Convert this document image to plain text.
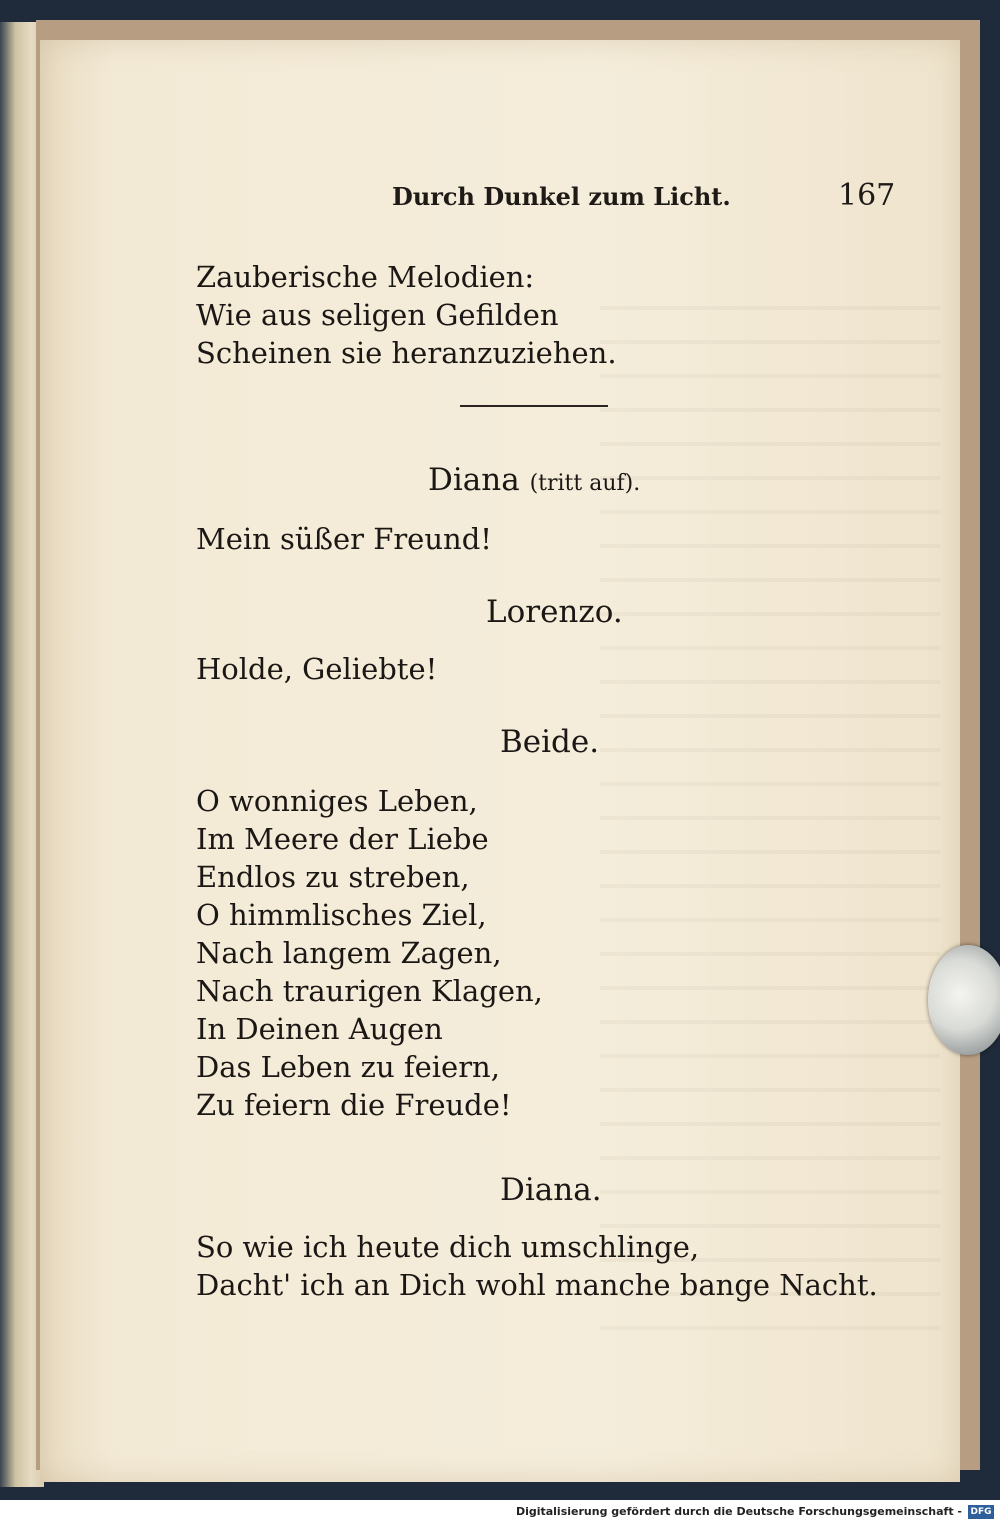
Durch Dunkel zum Licht.	167
Zauberische Melodien:
Wie aus seligen Gefilden
Scheinen sie heranzuziehen.
Diana (tritt auf).
Mein süßer Freund!
Lorenzo.
Holde, Geliebte!
Beide.
O wonniges Leben,
Im Meere der Liebe
Endlos zu streben,
O himmlisches Ziel,
Nach langem Zagen,
Nach traurigen Klagen,
In Deinen Augen
Das Leben zu feiern,
Zu feiern die Freude!
Diana.
So wie ich heute dich umschlinge,
Dacht' ich an Dich wohl manche bange Nacht.
Digitalisierung gefördert durch die Deutsche Forschungsgemeinschaft - DFG
